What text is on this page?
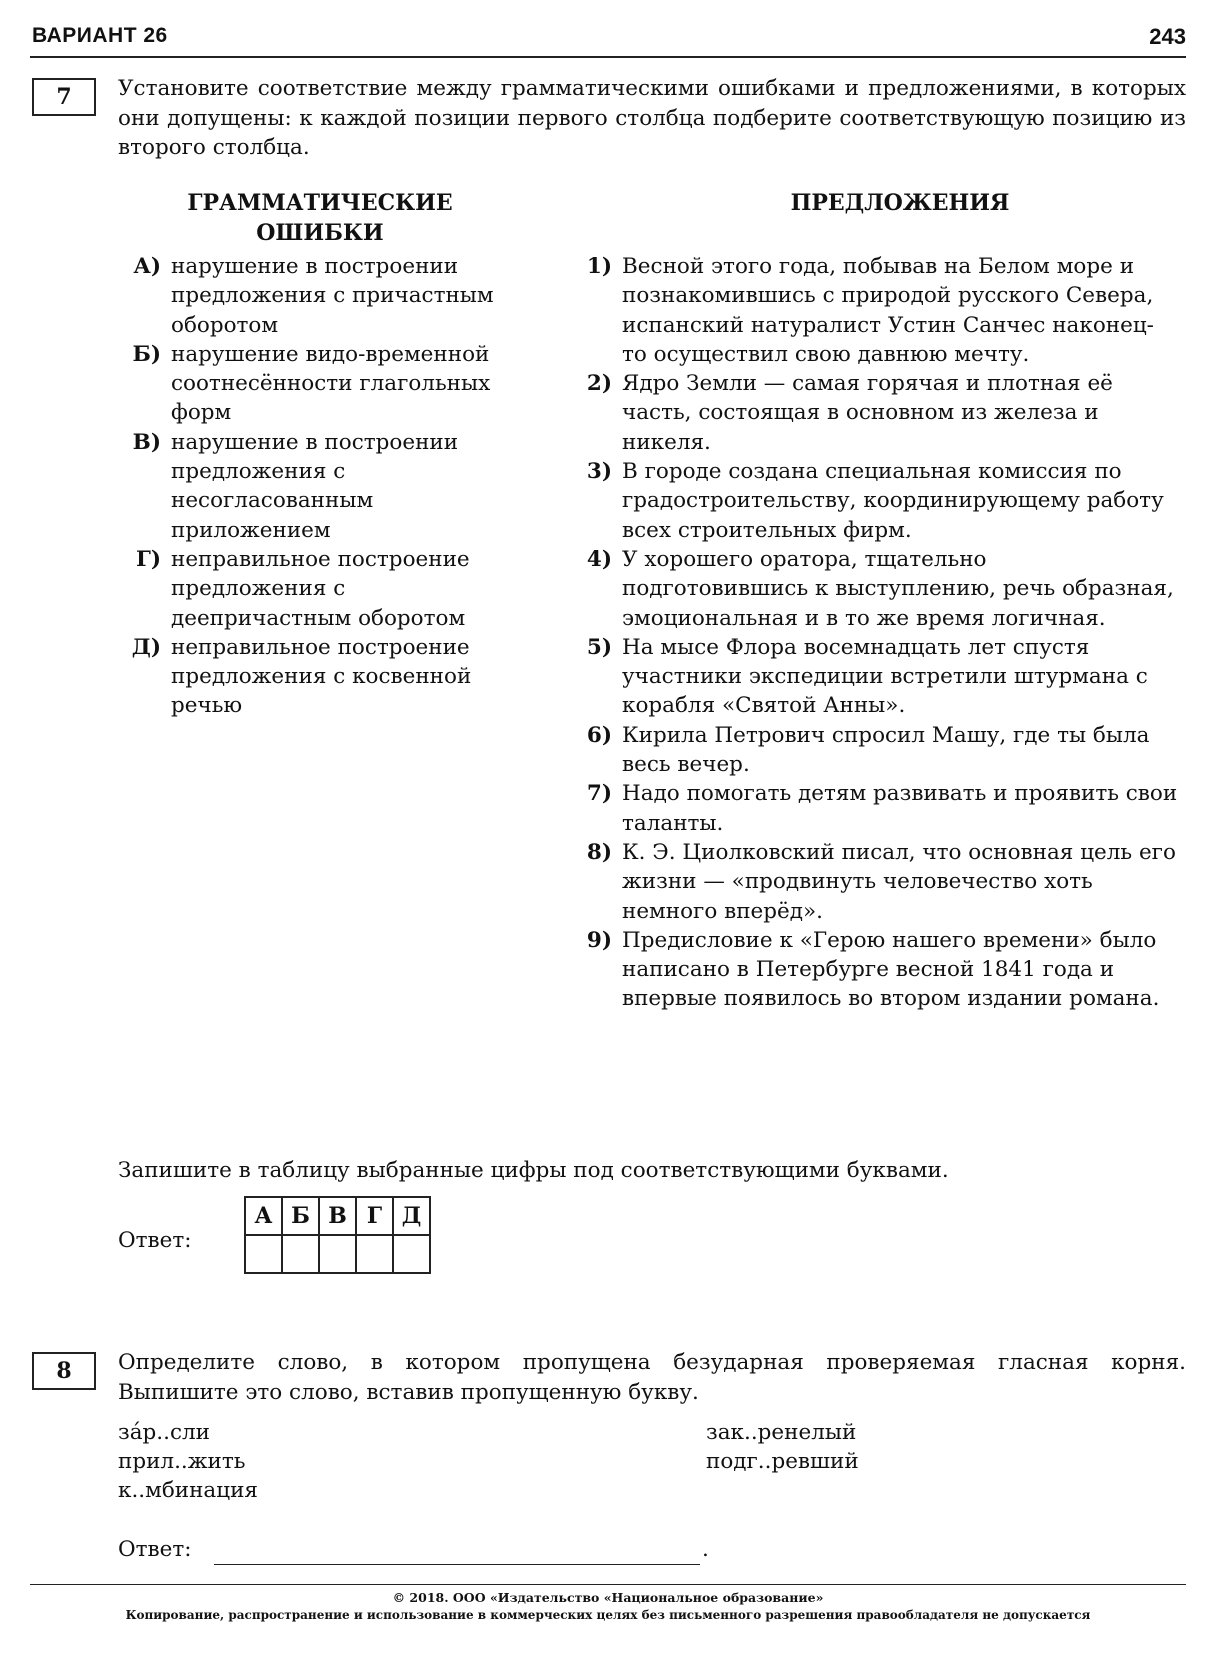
ВАРИАНТ 26	243
7 Установите соответствие между грамматическими ошибками и предложениями, в которых они допущены: к каждой позиции первого столбца подберите соответствующую позицию из второго столбца.
ГРАММАТИЧЕСКИЕ
ОШИБКИ
ПРЕДЛОЖЕНИЯ
А) нарушение в построении предложения с причастным оборотом
Б) нарушение видо-временной соотнесённости глагольных форм
В) нарушение в построении предложения с несогласованным приложением
Г) неправильное построение предложения с деепричастным оборотом
Д) неправильное построение предложения с косвенной речью
1) Весной этого года, побывав на Белом море и познакомившись с природой русского Севера, испанский натуралист Устин Санчес наконец-то осуществил свою давнюю мечту.
2) Ядро Земли — самая горячая и плотная её часть, состоящая в основном из железа и никеля.
3) В городе создана специальная комиссия по градостроительству, координирующему работу всех строительных фирм.
4) У хорошего оратора, тщательно подготовившись к выступлению, речь образная, эмоциональная и в то же время логичная.
5) На мысе Флора восемнадцать лет спустя участники экспедиции встретили штурмана с корабля «Святой Анны».
6) Кирила Петрович спросил Машу, где ты была весь вечер.
7) Надо помогать детям развивать и проявить свои таланты.
8) К. Э. Циолковский писал, что основная цель его жизни — «продвинуть человечество хоть немного вперёд».
9) Предисловие к «Герою нашего времени» было написано в Петербурге весной 1841 года и впервые появилось во втором издании романа.
Запишите в таблицу выбранные цифры под соответствующими буквами.
Ответ:
А	Б	В	Г	Д

8 Определите слово, в котором пропущена безударная проверяемая гласная корня. Выпишите это слово, вставив пропущенную букву.
за́р..сли
прил..жить
к..мбинация
зак..ренелый
подг..ревший
Ответ:	.
© 2018. ООО «Издательство «Национальное образование»
Копирование, распространение и использование в коммерческих целях без письменного разрешения правообладателя не допускается
